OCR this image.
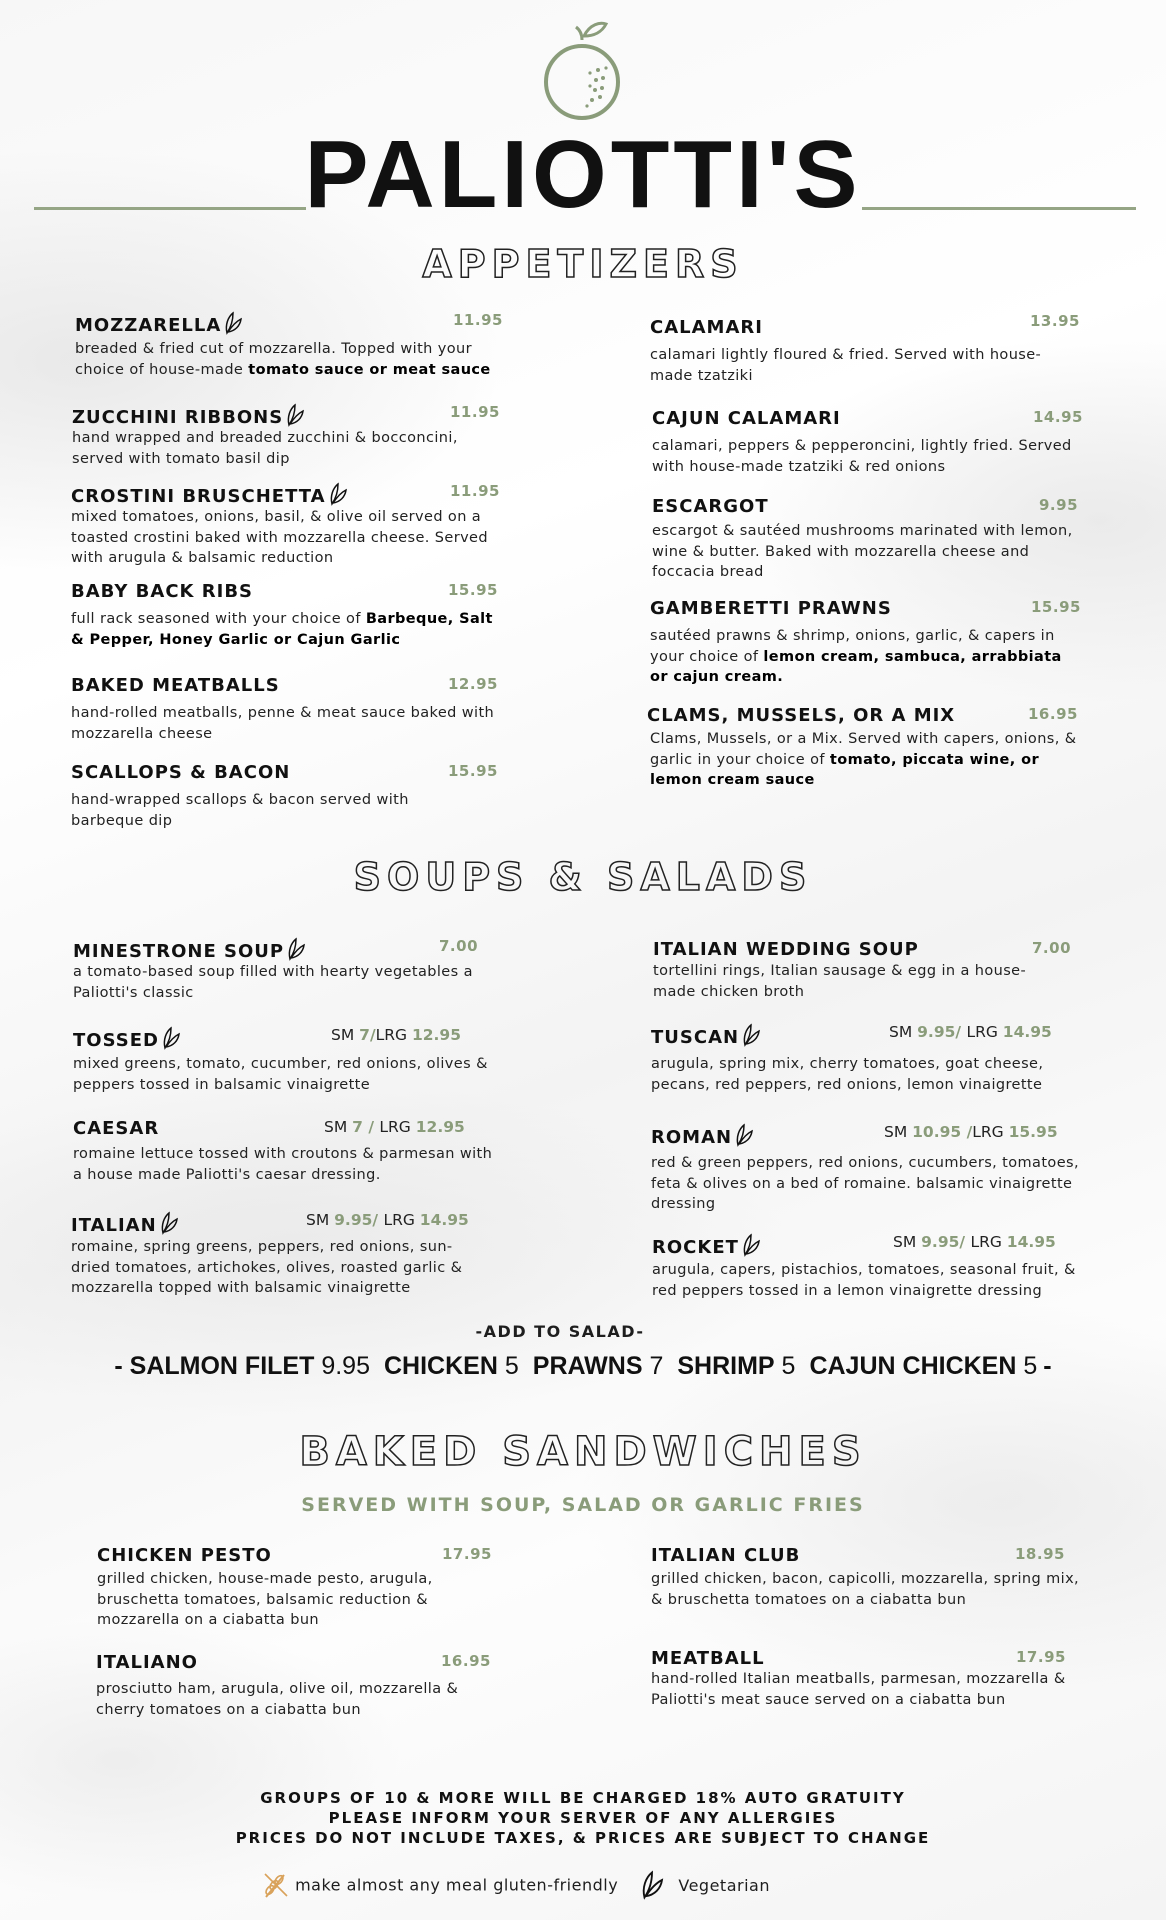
PALIOTTI'S
APPETIZERS
MOZZARELLA	11.95
breaded & fried cut of mozzarella. Topped with your choice of house-made tomato sauce or meat sauce
ZUCCHINI RIBBONS	11.95
hand wrapped and breaded zucchini & bocconcini, served with tomato basil dip
CROSTINI BRUSCHETTA	11.95
mixed tomatoes, onions, basil, & olive oil served on a toasted crostini baked with mozzarella cheese. Served with arugula & balsamic reduction
BABY BACK RIBS	15.95
full rack seasoned with your choice of Barbeque, Salt & Pepper, Honey Garlic or Cajun Garlic
BAKED MEATBALLS	12.95
hand-rolled meatballs, penne & meat sauce baked with mozzarella cheese
SCALLOPS & BACON	15.95
hand-wrapped scallops & bacon served with barbeque dip
CALAMARI	13.95
calamari lightly floured & fried. Served with house-made tzatziki
CAJUN CALAMARI	14.95
calamari, peppers & pepperoncini, lightly fried. Served with house-made tzatziki & red onions
ESCARGOT	9.95
escargot & sautéed mushrooms marinated with lemon, wine & butter. Baked with mozzarella cheese and foccacia bread
GAMBERETTI PRAWNS	15.95
sautéed prawns & shrimp, onions, garlic, & capers in your choice of lemon cream, sambuca, arrabbiata or cajun cream.
CLAMS, MUSSELS, OR A MIX	16.95
Clams, Mussels, or a Mix. Served with capers, onions, & garlic in your choice of tomato, piccata wine, or lemon cream sauce
SOUPS & SALADS
MINESTRONE SOUP	7.00
a tomato-based soup filled with hearty vegetables a Paliotti's classic
TOSSED	SM 7/LRG 12.95
mixed greens, tomato, cucumber, red onions, olives & peppers tossed in balsamic vinaigrette
CAESAR	SM 7 / LRG 12.95
romaine lettuce tossed with croutons & parmesan with a house made Paliotti's caesar dressing.
ITALIAN	SM 9.95/ LRG 14.95
romaine, spring greens, peppers, red onions, sun-dried tomatoes, artichokes, olives, roasted garlic & mozzarella topped with balsamic vinaigrette
ITALIAN WEDDING SOUP	7.00
tortellini rings, Italian sausage & egg in a house-made chicken broth
TUSCAN	SM 9.95/ LRG 14.95
arugula, spring mix, cherry tomatoes, goat cheese, pecans, red peppers, red onions, lemon vinaigrette
ROMAN	SM 10.95 /LRG 15.95
red & green peppers, red onions, cucumbers, tomatoes, feta & olives on a bed of romaine. balsamic vinaigrette dressing
ROCKET	SM 9.95/ LRG 14.95
arugula, capers, pistachios, tomatoes, seasonal fruit, & red peppers tossed in a lemon vinaigrette dressing
-ADD TO SALAD-
- SALMON FILET 9.95 CHICKEN 5 PRAWNS 7 SHRIMP 5 CAJUN CHICKEN 5 -
BAKED SANDWICHES
SERVED WITH SOUP, SALAD OR GARLIC FRIES
CHICKEN PESTO	17.95
grilled chicken, house-made pesto, arugula, bruschetta tomatoes, balsamic reduction & mozzarella on a ciabatta bun
ITALIANO	16.95
prosciutto ham, arugula, olive oil, mozzarella & cherry tomatoes on a ciabatta bun
ITALIAN CLUB	18.95
grilled chicken, bacon, capicolli, mozzarella, spring mix, & bruschetta tomatoes on a ciabatta bun
MEATBALL	17.95
hand-rolled Italian meatballs, parmesan, mozzarella & Paliotti's meat sauce served on a ciabatta bun
GROUPS OF 10 & MORE WILL BE CHARGED 18% AUTO GRATUITY
PLEASE INFORM YOUR SERVER OF ANY ALLERGIES
PRICES DO NOT INCLUDE TAXES, & PRICES ARE SUBJECT TO CHANGE
make almost any meal gluten-friendly	Vegetarian
